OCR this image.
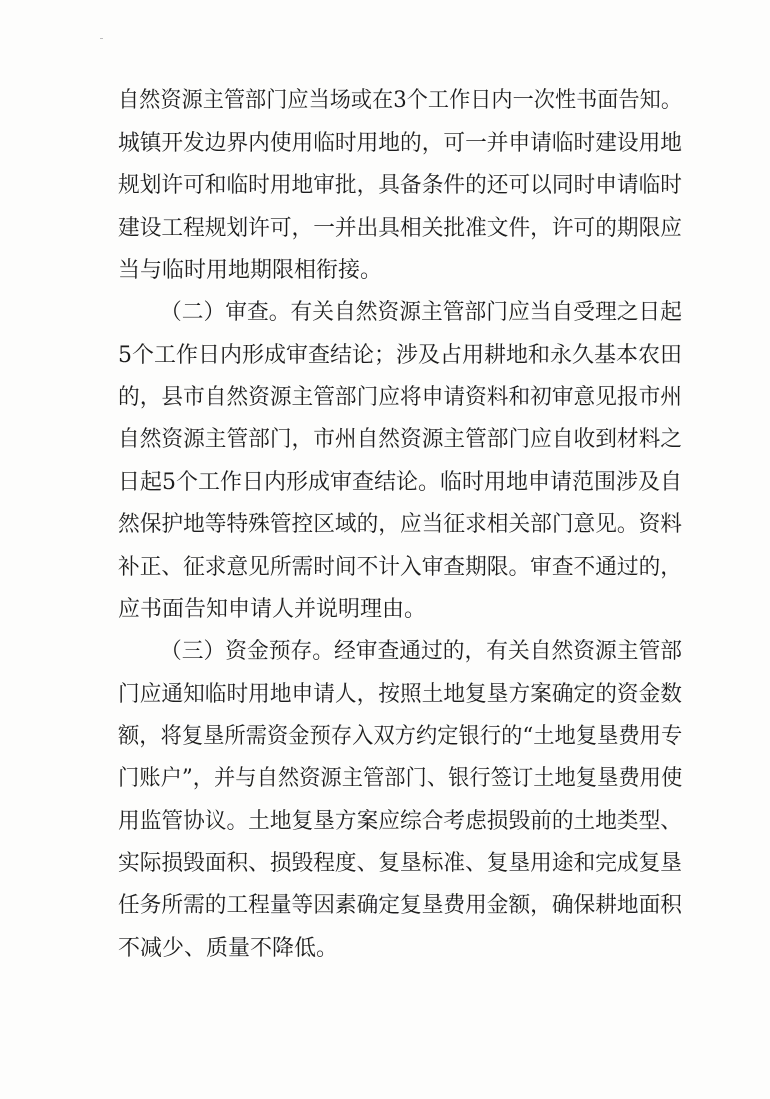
自然资源主管部门应当场或在3个工作日内一次性书面告知。
城镇开发边界内使用临时用地的，可一并申请临时建设用地
规划许可和临时用地审批，具备条件的还可以同时申请临时
建设工程规划许可，一并出具相关批准文件，许可的期限应
当与临时用地期限相衔接。
（二）审查。有关自然资源主管部门应当自受理之日起
5个工作日内形成审查结论；涉及占用耕地和永久基本农田
的，县市自然资源主管部门应将申请资料和初审意见报市州
自然资源主管部门，市州自然资源主管部门应自收到材料之
日起5个工作日内形成审查结论。临时用地申请范围涉及自
然保护地等特殊管控区域的，应当征求相关部门意见。资料
补正、征求意见所需时间不计入审查期限。审查不通过的，
应书面告知申请人并说明理由。
（三）资金预存。经审查通过的，有关自然资源主管部
门应通知临时用地申请人，按照土地复垦方案确定的资金数
额，将复垦所需资金预存入双方约定银行的“土地复垦费用专
门账户”，并与自然资源主管部门、银行签订土地复垦费用使
用监管协议。土地复垦方案应综合考虑损毁前的土地类型、
实际损毁面积、损毁程度、复垦标准、复垦用途和完成复垦
任务所需的工程量等因素确定复垦费用金额，确保耕地面积
不减少、质量不降低。
